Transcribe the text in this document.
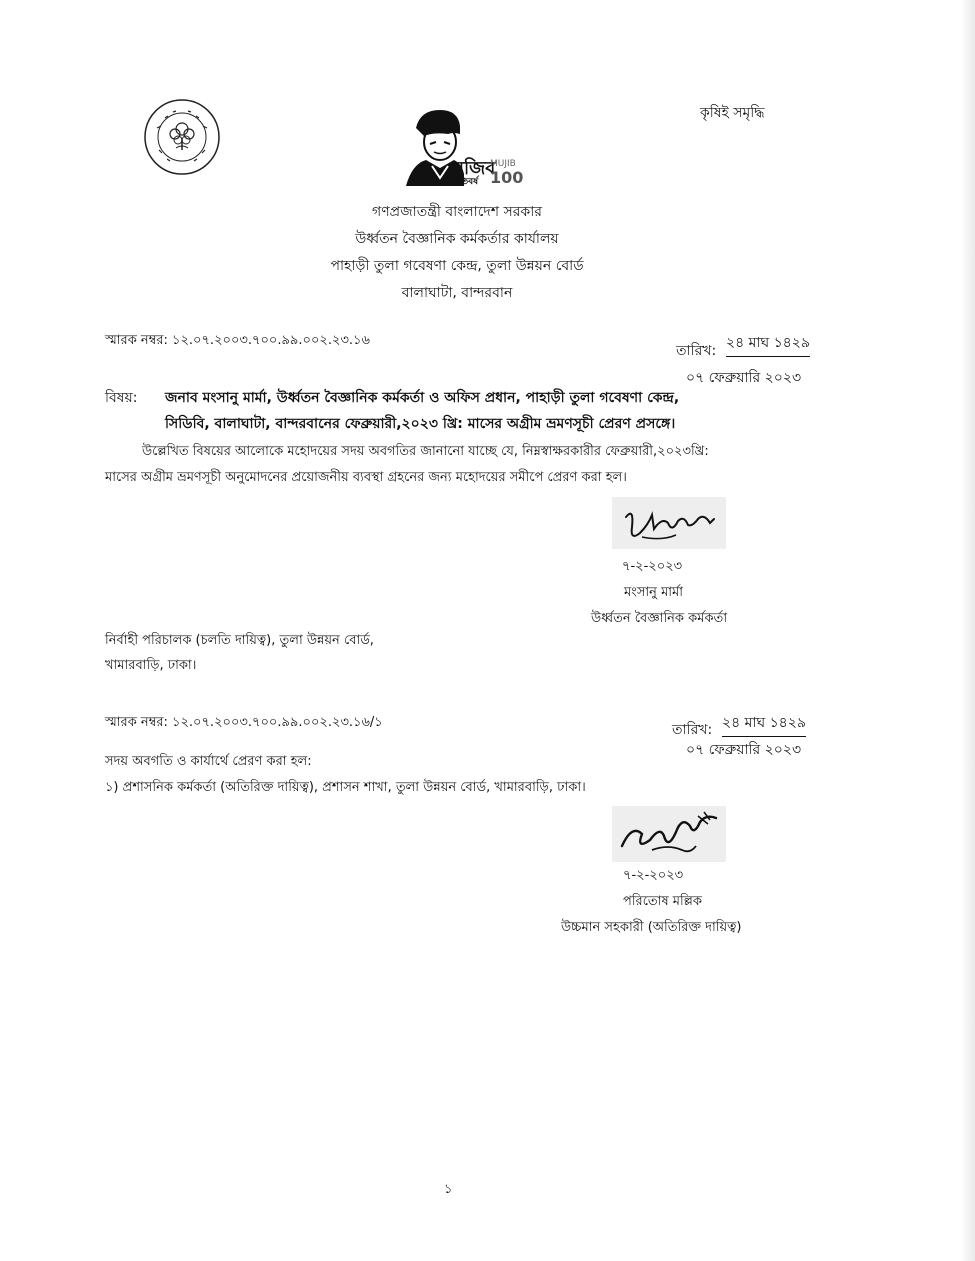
কৃষিই সমৃদ্ধি
মুজিব
শতবর্ষ
MUJIB
100
গণপ্রজাতন্ত্রী বাংলাদেশ সরকার
উর্ধ্বতন বৈজ্ঞানিক কর্মকর্তার কার্যালয়
পাহাড়ী তুলা গবেষণা কেন্দ্র, তুলা উন্নয়ন বোর্ড
বালাঘাটা, বান্দরবান
স্মারক নম্বর: ১২.০৭.২০০৩.৭০০.৯৯.০০২.২৩.১৬
তারিখ: ২৪ মাঘ ১৪২৯
০৭ ফেব্রুয়ারি ২০২৩
বিষয়: জনাব মংসানু মার্মা, উর্ধ্বতন বৈজ্ঞানিক কর্মকর্তা ও অফিস প্রধান, পাহাড়ী তুলা গবেষণা কেন্দ্র,
সিডিবি, বালাঘাটা, বান্দরবানের ফেব্রুয়ারী,২০২৩ খ্রি: মাসের অগ্রীম ভ্রমণসূচী প্রেরণ প্রসঙ্গে।
উল্লেখিত বিষয়ের আলোকে মহোদয়ের সদয় অবগতির জানানো যাচ্ছে যে, নিম্নস্বাক্ষরকারীর ফেব্রুয়ারী,২০২৩খ্রি:
মাসের অগ্রীম ভ্রমণসূচী অনুমোদনের প্রয়োজনীয় ব্যবস্থা গ্রহনের জন্য মহোদয়ের সমীপে প্রেরণ করা হল।
৭-২-২০২৩
মংসানু মার্মা
উর্ধ্বতন বৈজ্ঞানিক কর্মকর্তা
নির্বাহী পরিচালক (চলতি দায়িত্ব), তুলা উন্নয়ন বোর্ড,
খামারবাড়ি, ঢাকা।
স্মারক নম্বর: ১২.০৭.২০০৩.৭০০.৯৯.০০২.২৩.১৬/১	তারিখ: ২৪ মাঘ ১৪২৯
০৭ ফেব্রুয়ারি ২০২৩
সদয় অবগতি ও কার্যার্থে প্রেরণ করা হল:
১) প্রশাসনিক কর্মকর্তা (অতিরিক্ত দায়িত্ব), প্রশাসন শাখা, তুলা উন্নয়ন বোর্ড, খামারবাড়ি, ঢাকা।
৭-২-২০২৩
পরিতোষ মল্লিক
উচ্চমান সহকারী (অতিরিক্ত দায়িত্ব)
১
